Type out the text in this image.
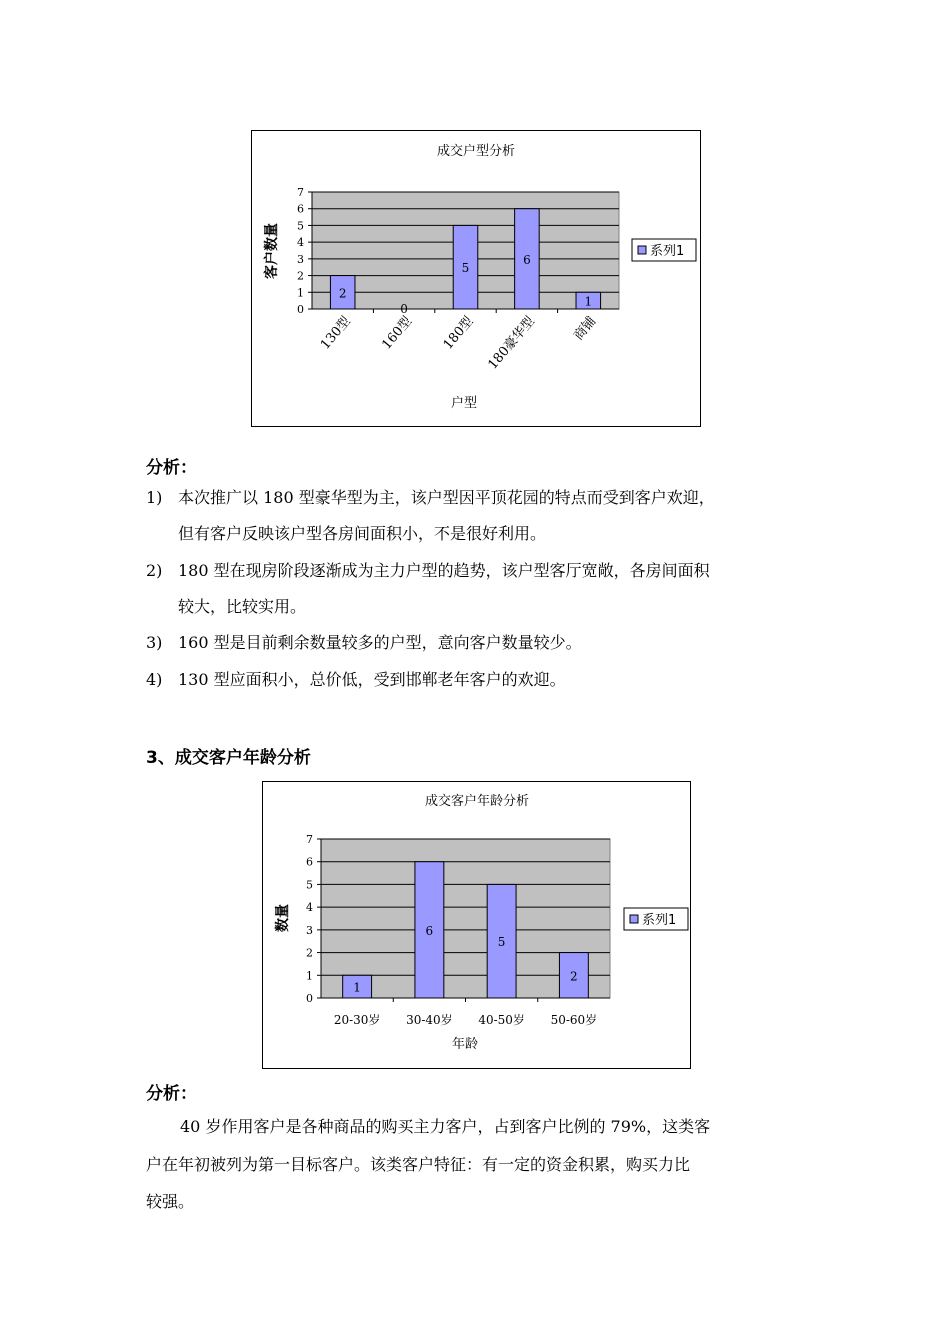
成交户型分析
0
1
2
3
4
5
6
7
2
130型
0
160型
5
180型
6
180豪华型
1
商铺
户型
客户数量	系列1
分析：
1) 本次推广以 180 型豪华型为主，该户型因平顶花园的特点而受到客户欢迎，
但有客户反映该户型各房间面积小，不是很好利用。
2) 180 型在现房阶段逐渐成为主力户型的趋势，该户型客厅宽敞，各房间面积
较大，比较实用。
3) 160 型是目前剩余数量较多的户型，意向客户数量较少。
4) 130 型应面积小，总价低，受到邯郸老年客户的欢迎。
3、成交客户年龄分析
成交客户年龄分析
0
1
2
3
4
5
6
7
1
20-30岁
6
30-40岁
5
40-50岁
2
50-60岁
年龄
数量	系列1
分析：
40 岁作用客户是各种商品的购买主力客户，占到客户比例的 79%，这类客
户在年初被列为第一目标客户。该类客户特征：有一定的资金积累，购买力比
较强。
